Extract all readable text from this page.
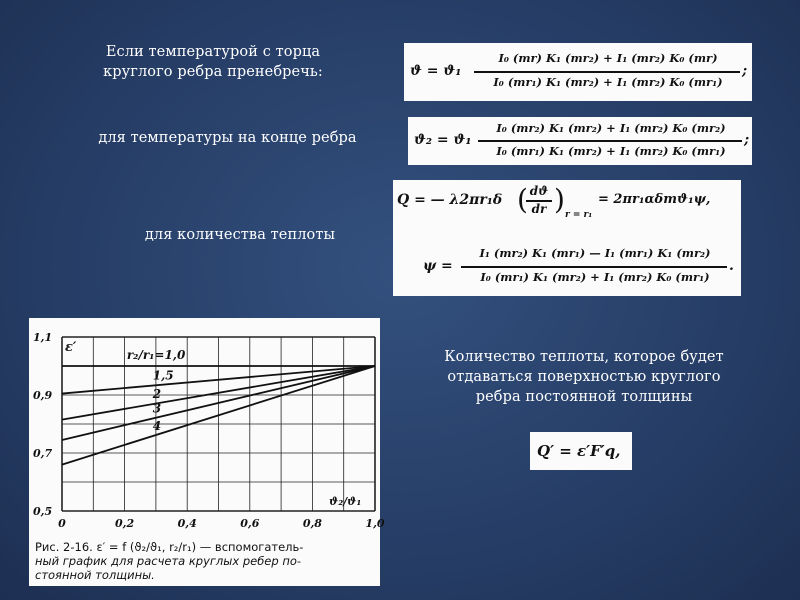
Если температурой с торца
круглого ребра пренебречь:	ϑ = ϑ₁
I₀ (mr) K₁ (mr₂) + I₁ (mr₂) K₀ (mr)
I₀ (mr₁) K₁ (mr₂) + I₁ (mr₂) K₀ (mr₁)
;
для температуры на конце ребра	ϑ₂ = ϑ₁
I₀ (mr₂) K₁ (mr₂) + I₁ (mr₂) K₀ (mr₂)
I₀ (mr₁) K₁ (mr₂) + I₁ (mr₂) K₀ (mr₁)
;
для количества теплоты
Q = — λ2πr₁δ
dϑ
dr
( ) r = r₁
= 2πr₁αδmϑ₁ψ,
ψ =
I₁ (mr₂) K₁ (mr₁) — I₁ (mr₁) K₁ (mr₂)
I₀ (mr₁) K₁ (mr₂) + I₁ (mr₂) K₀ (mr₁)
.
0	0,2	0,4	0,6	0,8	1,0
0,5
0,7
0,9
1,1
ε′
ϑ₂/ϑ₁
r₂/r₁=1,0
1,5
2
3
4
Рис. 2-16. ε′ = f (ϑ₂/ϑ₁, r₂/r₁) — вспомогатель-
ный график для расчета круглых ребер по-
стоянной толщины.
Количество теплоты, которое будет
отдаваться поверхностью круглого
ребра постоянной толщины
Q′ = ε′F′q,
